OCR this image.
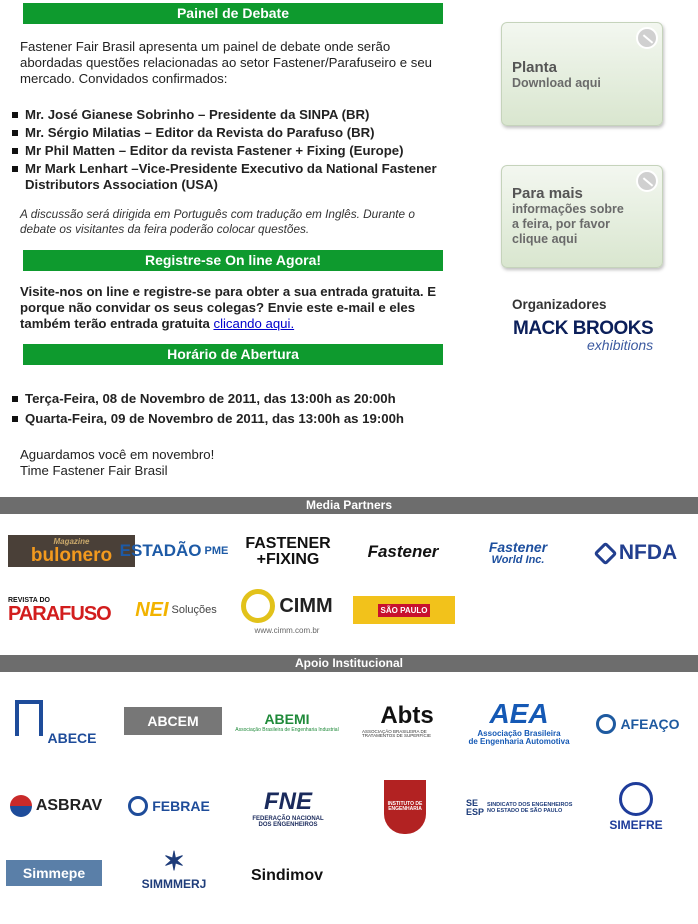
Painel de Debate
Fastener Fair Brasil apresenta um painel de debate onde serão
abordadas questões relacionadas ao setor Fastener/Parafuseiro e seu
mercado. Convidados confirmados:
Mr. José Gianese Sobrinho – Presidente da SINPA (BR)
Mr. Sérgio Milatias – Editor da Revista do Parafuso (BR)
Mr Phil Matten – Editor da revista Fastener + Fixing (Europe)
Mr Mark Lenhart –Vice-Presidente Executivo da National Fastener
Distributors Association (USA)
A discussão será dirigida em Português com tradução em Inglês. Durante o
debate os visitantes da feira poderão colocar questões.
Registre-se On line Agora!
Visite-nos on line e registre-se para obter a sua entrada gratuita. E
porque não convidar os seus colegas? Envie este e-mail e eles
também terão entrada gratuita clicando aqui.
Horário de Abertura
Terça-Feira, 08 de Novembro de 2011, das 13:00h as 20:00h
Quarta-Feira, 09 de Novembro de 2011, das 13:00h as 19:00h
Aguardamos você em novembro!
Time Fastener Fair Brasil
Planta
Download aqui
Para mais
informações sobre
a feira, por favor
clique aqui
Organizadores
MACK BROOKS
exhibitions
Media Partners
Magazine
bulonero ESTADÃO PME FASTENER
+FIXING	Fastener	Fastener
World Inc.	NFDA
REVISTA DO
PARAFUSO NEI Soluções	CIMM
www.cimm.com.br
SÃO PAULO
Apoio Institucional
ABECE
ABCEM	ABEMI
Associação Brasileira de Engenharia Industrial
Abts
ASSOCIAÇÃO BRASILEIRA DE TRATAMENTOS DE SUPERFÍCIE
AEA
Associação Brasileira
de Engenharia Automotiva
AFEAÇO
ASBRAV	FEBRAE FNE
FEDERAÇÃO NACIONAL
DOS ENGENHEIROS
INSTITUTO DE ENGENHARIA
SE
ESP
SINDICATO DOS ENGENHEIROS
NO ESTADO DE SÃO PAULO
SIMEFRE
Simmepe	✶
SIMMMERJ	Sindimov
